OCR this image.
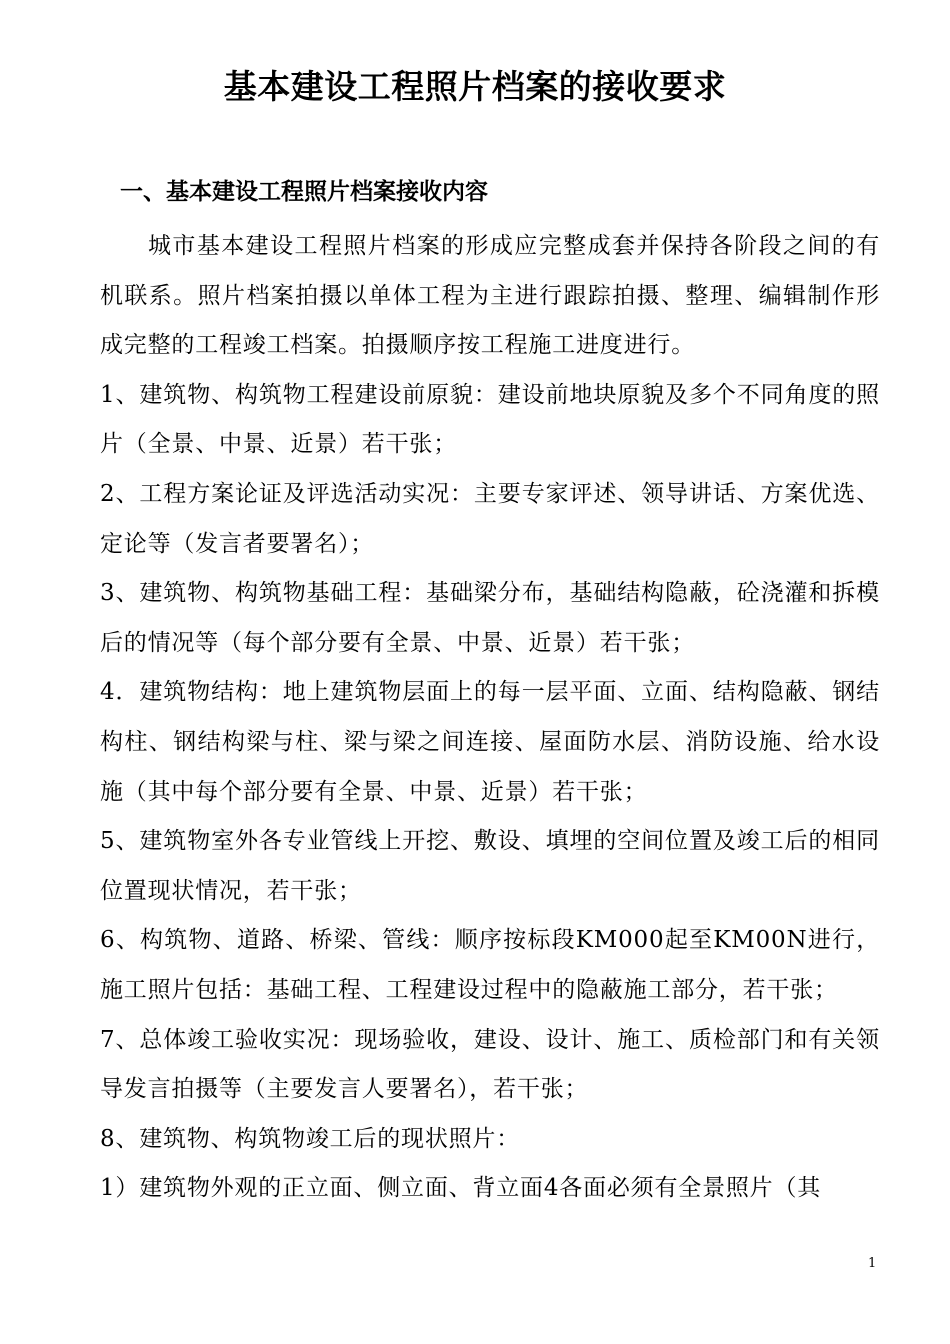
基本建设工程照片档案的接收要求
一、基本建设工程照片档案接收内容

城市基本建设工程照片档案的形成应完整成套并保持各阶段之间的有机联系。照片档案拍摄以单体工程为主进行跟踪拍摄、整理、编辑制作形成完整的工程竣工档案。拍摄顺序按工程施工进度进行。

1、建筑物、构筑物工程建设前原貌：建设前地块原貌及多个不同角度的照片（全景、中景、近景）若干张；

2、工程方案论证及评选活动实况：主要专家评述、领导讲话、方案优选、定论等（发言者要署名）；

3、建筑物、构筑物基础工程：基础梁分布，基础结构隐蔽，砼浇灌和拆模后的情况等（每个部分要有全景、中景、近景）若干张；

4．建筑物结构：地上建筑物层面上的每一层平面、立面、结构隐蔽、钢结构柱、钢结构梁与柱、梁与梁之间连接、屋面防水层、消防设施、给水设施（其中每个部分要有全景、中景、近景）若干张；

5、建筑物室外各专业管线上开挖、敷设、填埋的空间位置及竣工后的相同位置现状情况，若干张；

6、构筑物、道路、桥梁、管线：顺序按标段KM000起至KM00N进行，施工照片包括：基础工程、工程建设过程中的隐蔽施工部分，若干张；

7、总体竣工验收实况：现场验收，建设、设计、施工、质检部门和有关领导发言拍摄等（主要发言人要署名），若干张；

8、建筑物、构筑物竣工后的现状照片：

1）建筑物外观的正立面、侧立面、背立面4各面必须有全景照片（其

1
